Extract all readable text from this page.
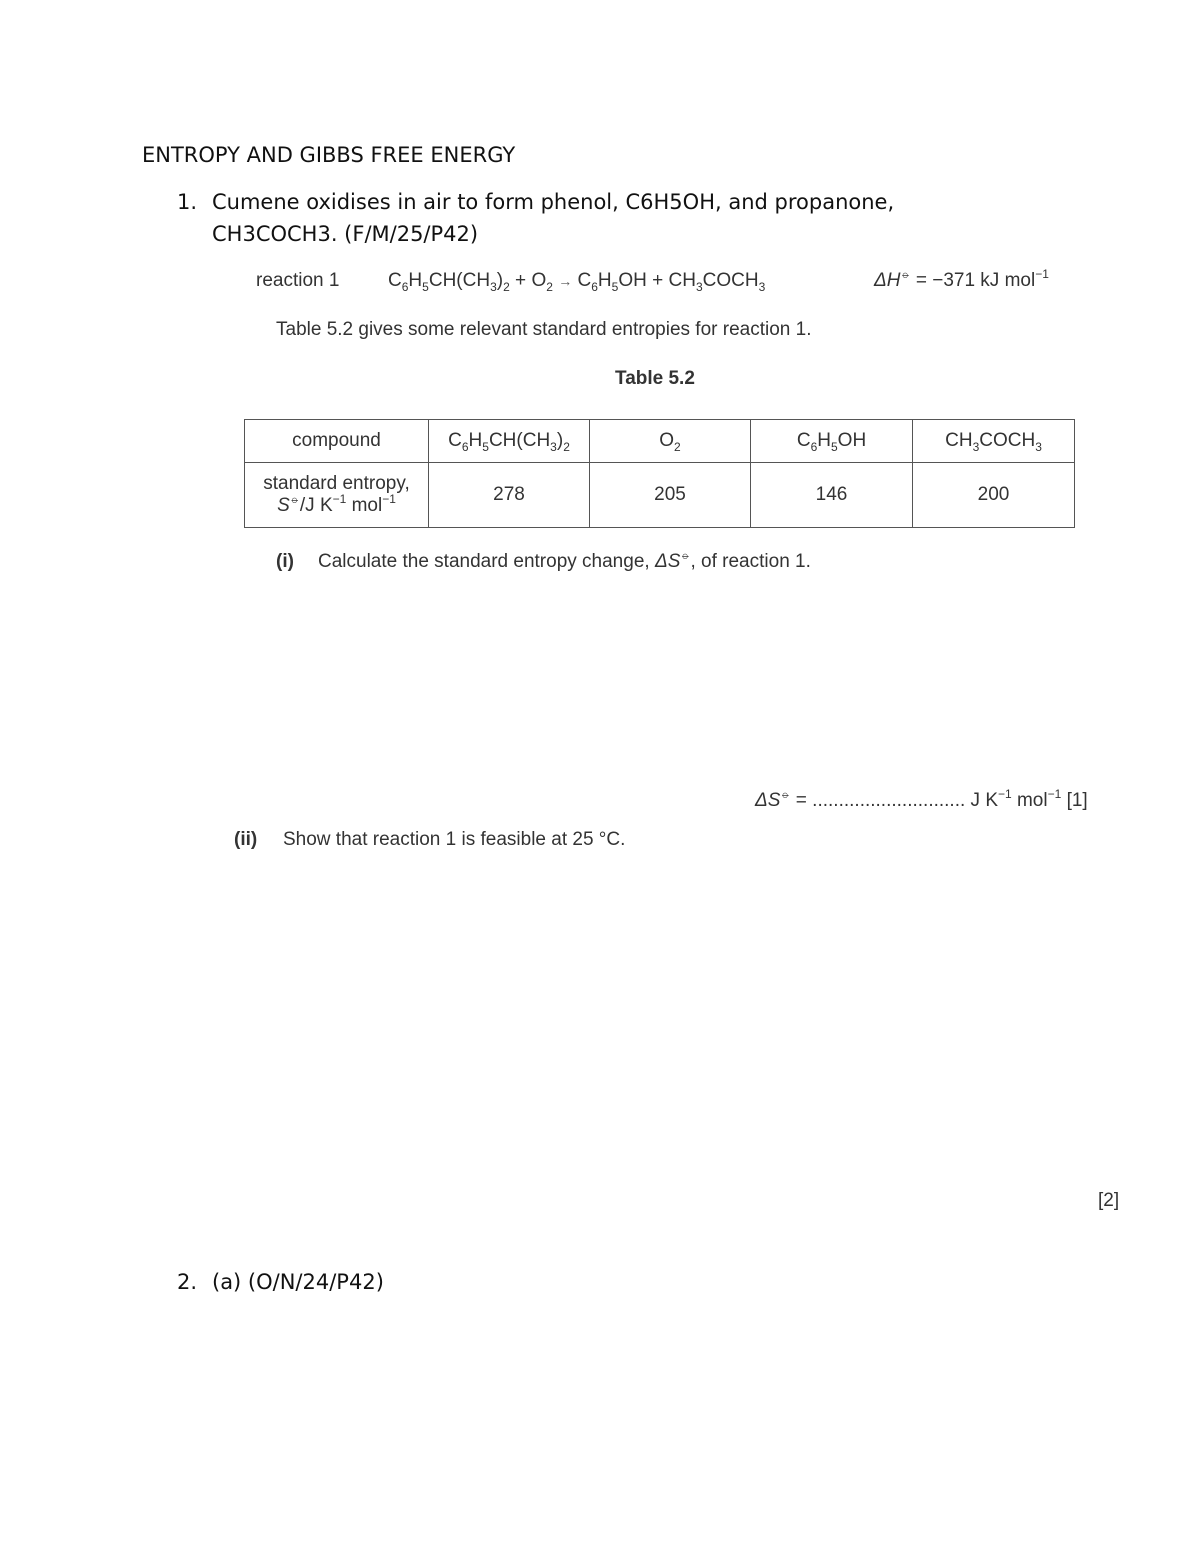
ENTROPY AND GIBBS FREE ENERGY
1. Cumene oxidises in air to form phenol, C6H5OH, and propanone,
CH3COCH3. (F/M/25/P42)
reaction 1	$C_6H_5CH(CH_3)_2 + O_2 \to C_6H_5OH$ + $CH_3COCH_3$	ΔH⦵ = −371 kJ mol$^{-1}$
Table 5.2 gives some relevant standard entropies for reaction 1.
Table 5.2
compound	$C_6H_5CH(CH_3)_2$	$O_2$	$C_6H_5OH$	$CH_3COCH_3$
standard entropy,
S⦵/J $K^{-1}$ mol$^{-1}$	278	205	146	200
(i) Calculate the standard entropy change, ΔS⦵, of reaction 1.
ΔS⦵ = ............................. J $K^{-1}$ mol$^{-1}$ [1]
(ii) Show that reaction 1 is feasible at 25 °C.
[2]
2. (a) (O/N/24/P42)
